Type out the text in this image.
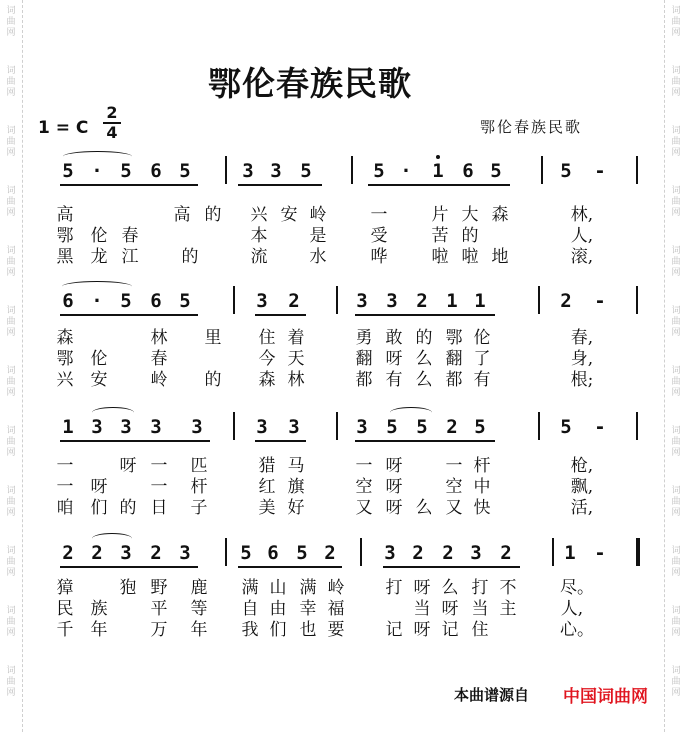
词
曲
网
词
曲
网
词
曲
网
词
曲
网
词
曲
网
词
曲
网
词
曲
网
词
曲
网
词
曲
网
词
曲
网
词
曲
网
词
曲
网
词
曲
网
词
曲
网
词
曲
网
词
曲
网
词
曲
网
词
曲
网
词
曲
网
词
曲
网
词
曲
网
词
曲
网
词
曲
网
词
曲
网
鄂伦春族民歌
1 = C
2
4	鄂伦春族民歌
5 · 5 6 5	3 3 5	5 · 1 6 5	5 -
高	高 的 兴 安 岭	一	片 大 森	林,
鄂 伦 春	本 是	受	苦 的	人,
黑 龙 江	的	流 水	哗	啦 啦 地	滚,
6 · 5 6 5	3 2	3 3 2 1 1	2 -
森	林 里 住 着	勇 敢 的 鄂 伦	春,
鄂 伦	春	今 天	翻 呀 么 翻 了	身,
兴 安	岭 的 森 林	都 有 么 都 有	根;
1 3 3 3 3	3 3	3 5 5 2 5	5 -
一	呀 一 匹	猎 马	一 呀	一 杆	枪,
一 呀	一 杆	红 旗	空 呀	空 中	飘,
咱 们 的 日 子	美 好	又 呀 么 又 快	活,
2 2 3 2 3	5 6 5 2	3 2 2 3 2	1 -
獐	狍 野 鹿 满 山 满 岭 打 呀 么 打 不	尽。
民 族	平 等 自 由 幸 福	当 呀 当 主	人,
千 年	万 年 我 们 也 要 记 呀 记 住	心。
本曲谱源自 中国词曲网
